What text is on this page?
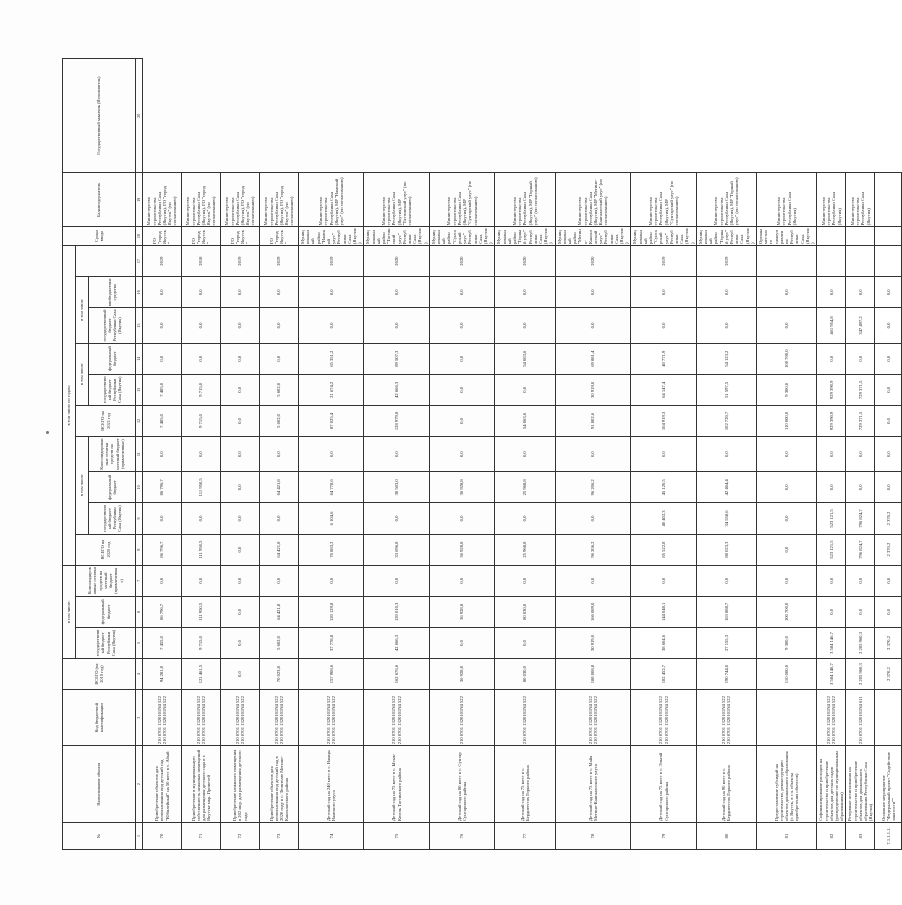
№	Наименование объекта	Код бюджетной классификации	ВСЕГО (на 2019 год)	в том числе:			в том числе по годам:										Сроки ввода	Балансодержатель	Государственный заказчик (Исполнитель)
				государственный бюджет Республики Саха (Якутия)	федеральный бюджет	Консолидированные остатки средств на местный бюджет (привлеченные)	ВСЕГО на 2020 год	в том числе			ВСЕГО на 2021 год	в том числе		в том числе					
								государственный бюджет Республики Саха (Якутия)	федеральный бюджет	Консолидированные остатки средств на местный бюджет (привлеченные)		государственный бюджет Республики Саха (Якутия)	федеральный бюджет	государственный бюджет Республики Саха (Якутия)	внебюджетные средства				
1	2	3	4	5	6	7	8	9	10	11	12	13	14	15	16	17	18	19	20
70	Приобретение объектов для использования под детский сад "Юбилейный" на 50 мест в с. Абый	210 0701 1320101N4 522 210 0701 1320101N4 522	94 281,8	7 455,0	86 796,7	0,0	86 796,7	0,0	86 796,7	0,0	7 485,0	7 485,0	0,0	0,0	0,0	2019	ГО "город Якутск"	Министерство строительства Республики Саха (Якутия), ГО "город Якутск" (по согласованию)	
71	Приобретение в муниципальную собственность нежилых помещений для размещения детского сада в г. Якутске мкр. Прометей	210 0701 1320101N4 522 210 0701 1320101N4 522	121 461,5	9 715,0	111 950,5	0,0	111 950,5	0,0	111 950,5	0,0	9 715,0	9 715,0	0,0	0,0	0,0	2018	ГО "город Якутск"	Министерство строительства Республики Саха (Якутия), ГО "город Якутск" (по согласованию)	
72	Приобретение нежилого помещения в 202 мкр. для размещения детского сада	210 0701 1320101N4 522 210 0701 1320101N4 522	0,0	0,0	0,0	0,0	0,0	0,0	0,0	0,0	0,0	0,0	0,0	0,0	0,0	2019	ГО "город Якутск"	Министерство строительства Республики Саха (Якутия), ГО "город Якутск" (по согласованию)	
73	Приобретение объектов для использования под детский сад в 2020 году в с. Тюнгюлю Мегино-Кангаласского района	210 0701 1320101N4 522 210 0701 1320101N4 522	70 023,8	5 602,0	64 421,8	0,0	64 421,8	0,0	64 421,8	0,0	5 602,0	5 602,0	0,0	0,0	0,0	2019	ГО "город Якутск"	Министерство строительства Республики Саха (Якутия), ГО "город Якутск" (по согласованию)	
74	Детский сад на 240 мест в с. Намцы Намского улуса	210 0701 1320101N4 522 210 0701 1320101N4 522	157 908,6	37 778,8	120 129,8	0,0	70 883,2	6 104,6	64 778,6	0,0	87 025,4	21 674,2	65 351,2	0,0	0,0	2019	Муниципальный район "Намский улус" Республики Саха (Якутия)	Министерство строительства Республики Саха (Якутия), МР "Намский улус" (по согласованию)	
75	Детский сад на 75 мест в с. Ытык-Кюель Таттинского района	210 0701 1320101N4 522 210 0701 1320101N4 522	162 676,6	42 666,3	120 010,3	0,0	33 696,8	0,0	30 503,0	0,0	128 979,8	42 666,3	89 507,3	0,0	0,0	2020	Муниципальный район "Таттинский улус" Республики Саха (Якутия)	Министерство строительства Республики Саха (Якутия), МР "Таттинский улус" (по согласованию)	
76	Детский сад на 80 мест в с. Сунтар Сунтарского района	210 0701 1320101N4 522	36 928,8	0,0	36 928,8	0,0	36 928,8	0,0	36 928,8	0,0	0,0	0,0	0,0	0,0	0,0	2020	Муниципальный район "Сунтарский улус" Республики Саха (Якутия)	Министерство строительства Республики Саха (Якутия), МР "Сунтарский улус" (по согласованию)	
77	Детский сад на 75 мест в с. Бердигестях Горного района	210 0701 1320101N4 522	80 030,0	0,0	80 030,0	0,0	25 968,8	0,0	25 968,8	0,0	54 063,6	0,0	54 063,6	0,0	0,0	2020	Муниципальный район "Горный улус" Республики Саха (Якутия)	Министерство строительства Республики Саха (Якутия), МР "Горный улус" (по согласованию)	
78	Детский сад на 75 мест в с. Майя Мегино-Кангаласского улуса	210 0701 1320101N4 522 210 0701 1320101N4 522	188 008,8	30 919,0	166 089,0	0,0	96 206,2	0,0	96 206,2	0,0	91 802,6	30 919,0	69 881,4	0,0	0,0	2020	Муниципальный район "Мегино-Кангаласский улус" Республики Саха (Якутия)	Министерство строительства Республики Саха (Якутия), МР "Мегино-Кангаласский улус" (по согласованию)	
79	Детский сад на 75 мест в с. Эльгяй Сунтарского района	210 0701 1320101N4 522 210 0701 1320101N4 522	182 452,7	38 604,6	144 048,1	0,0	85 522,8	40 402,3	45 120,5	0,0	104 919,3	64 147,4	40 771,9	0,0	0,0	2019	Муниципальный район "Сунтарский улус" Республики Саха (Якутия)	Министерство строительства Республики Саха (Якутия), МР "Сунтарский улус" (по согласованию)	
80	Детский сад на 90 мест в с. Бердигестях Горного района	210 0701 1320101N4 522 210 0701 1320101N4 522	190 744,0	27 155,3	163 888,7	0,0	88 023,3	34 558,6	42 464,4	0,0	102 720,7	51 597,5	54 123,2	0,0	0,0	2019	Муниципальный район "Горный улус" Республики Саха (Якутия)	Министерство строительства Республики Саха (Якутия), МР "Горный улус" (по согласованию)	
81	Предоставление субсидий на строительство, реконструкцию объектов дошкольного образования (г. Якутск, в т.ч. объекты приобретения объектов)		110 000,0	9 300,0	100 700,0	0,0	0,0	0,0	0,0	0,0	110 000,0	9 300,0	100 700,0	0,0	0,0		Органы местного самоуправления Республики Саха (Якутия)	Министерство строительства Республики Саха (Якутия)	
82	Софинансирование расходов на строительство и приобретение объектов для детских садов (распределение по муниципальным образованиям)	210 0701 1320101N4 522 210 0701 1320101N4 522	3 584 146,7	3 584 146,7	0,0	0,0	523 121,5	523 121,5	0,0	0,0	929 390,9	929 390,9	0,0	461 954,8	0,0			Министерство строительства Республики Саха (Якутия)	
83	Резервные ассигнования на строительство и приобретение объектов для дошкольного образования Республики Саха (Якутия)	210 0701 1320101N4 611	2 205 960,3	2 205 960,3	0,0	0,0	796 824,7	796 824,7	0,0	0,0	729 371,5	729 371,5	0,0	347 497,2	0,0			Министерство строительства Республики Саха (Якутия)	
7.1.1.1.1.	Основное мероприятие "Федеральный проект "Содействие занятости""		2 370,2	2 370,2	0,0	0,0	2 370,2	2 370,2	0,0	0,0	0,0	0,0	0,0	0,0	0,0				
